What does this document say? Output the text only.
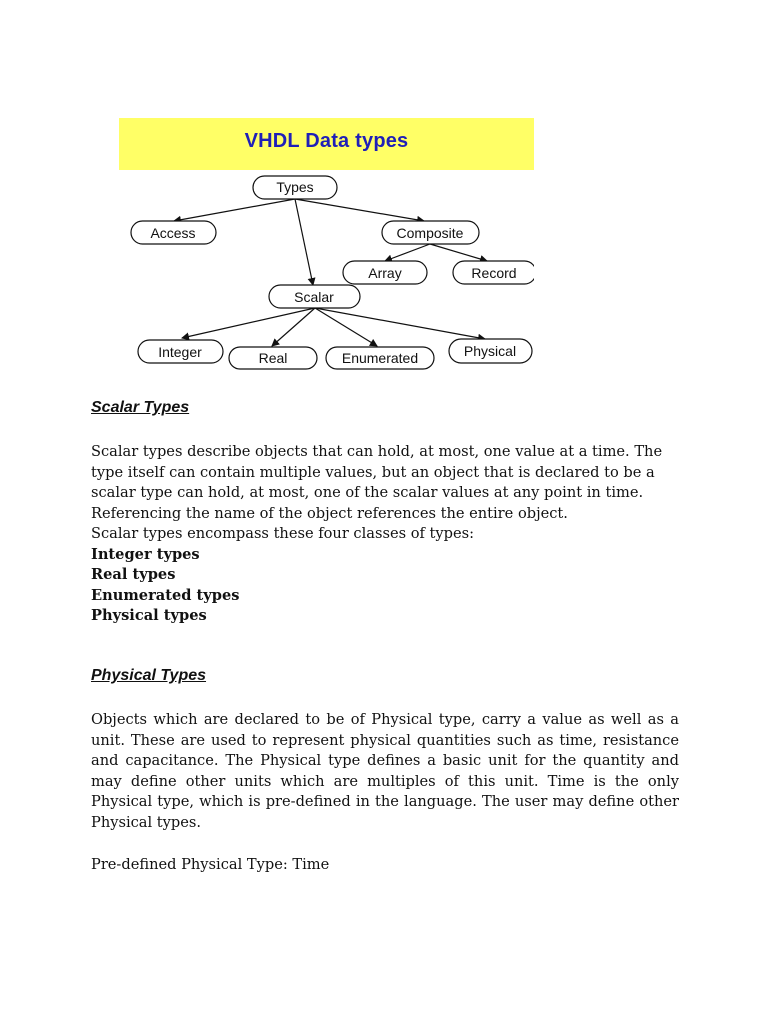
VHDL Data types
Types
Access	Composite
Array	Record
Scalar
Integer	Real	Enumerated	Physical
Scalar Types
Scalar types describe objects that can hold, at most, one value at a time. The
type itself can contain multiple values, but an object that is declared to be a
scalar type can hold, at most, one of the scalar values at any point in time.
Referencing the name of the object references the entire object.
Scalar types encompass these four classes of types:
Integer types
Real types
Enumerated types
Physical types
Physical Types

Objects which are declared to be of Physical type, carry a value as well as a unit. These are used to represent physical quantities such as time, resistance and capacitance. The Physical type defines a basic unit for the quantity and may define other units which are multiples of this unit. Time is the only Physical type, which is pre-defined in the language. The user may define other Physical types.

Pre-defined Physical Type: Time
